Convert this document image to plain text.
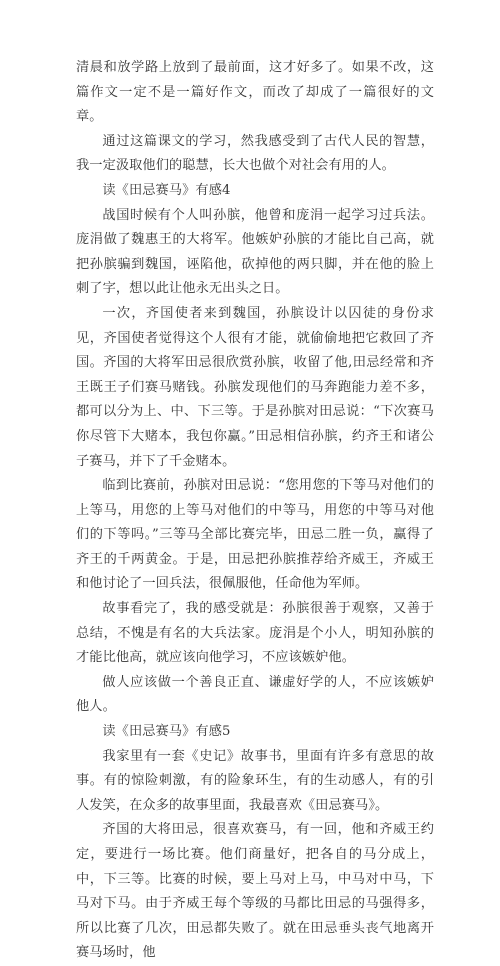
清晨和放学路上放到了最前面，这才好多了。如果不改，这篇作文一定不是一篇好作文，而改了却成了一篇很好的文章。

通过这篇课文的学习，然我感受到了古代人民的智慧，我一定汲取他们的聪慧，长大也做个对社会有用的人。

读《田忌赛马》有感4

战国时候有个人叫孙膑，他曾和庞涓一起学习过兵法。庞涓做了魏惠王的大将军。他嫉妒孙膑的才能比自己高，就把孙膑骗到魏国，诬陷他，砍掉他的两只脚，并在他的脸上刺了字，想以此让他永无出头之日。

一次，齐国使者来到魏国，孙膑设计以囚徒的身份求见，齐国使者觉得这个人很有才能，就偷偷地把它救回了齐国。齐国的大将军田忌很欣赏孙膑，收留了他,田忌经常和齐王既王子们赛马赌钱。孙膑发现他们的马奔跑能力差不多，都可以分为上、中、下三等。于是孙膑对田忌说：“下次赛马你尽管下大赌本，我包你赢。”田忌相信孙膑，约齐王和诸公子赛马，并下了千金赌本。

临到比赛前，孙膑对田忌说：“您用您的下等马对他们的上等马，用您的上等马对他们的中等马，用您的中等马对他们的下等吗。”三等马全部比赛完毕，田忌二胜一负，赢得了齐王的千两黄金。于是，田忌把孙膑推荐给齐威王，齐威王和他讨论了一回兵法，很佩服他，任命他为军师。

故事看完了，我的感受就是：孙膑很善于观察，又善于总结，不愧是有名的大兵法家。庞涓是个小人，明知孙膑的才能比他高，就应该向他学习，不应该嫉妒他。

做人应该做一个善良正直、谦虚好学的人，不应该嫉妒他人。

读《田忌赛马》有感5

我家里有一套《史记》故事书，里面有许多有意思的故事。有的惊险刺激，有的险象环生，有的生动感人，有的引人发笑，在众多的故事里面，我最喜欢《田忌赛马》。

齐国的大将田忌，很喜欢赛马，有一回，他和齐威王约定，要进行一场比赛。他们商量好，把各自的马分成上，中，下三等。比赛的时候，要上马对上马，中马对中马，下马对下马。由于齐威王每个等级的马都比田忌的马强得多，所以比赛了几次，田忌都失败了。就在田忌垂头丧气地离开赛马场时，他
